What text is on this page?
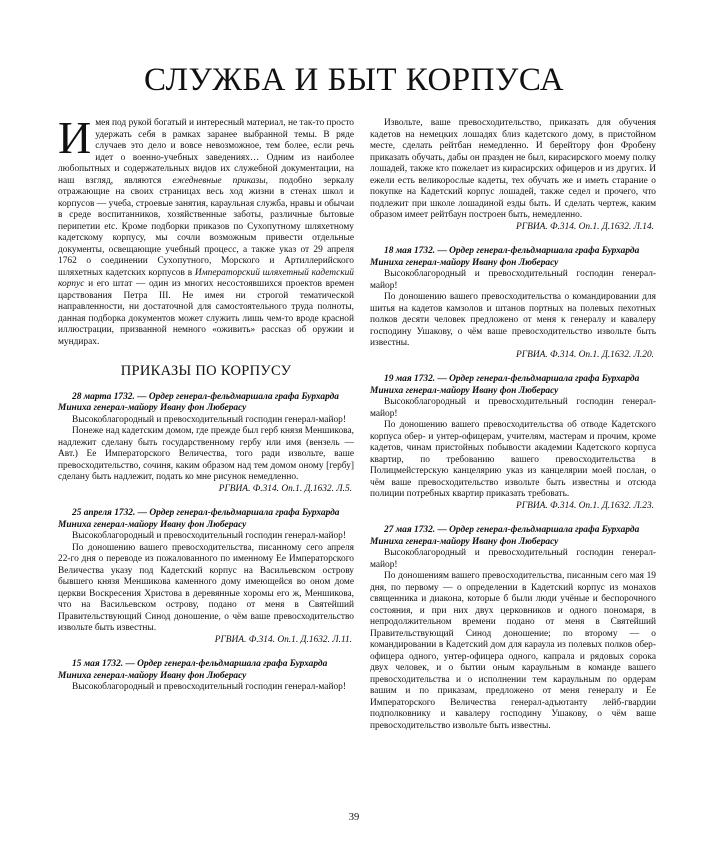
СЛУЖБА И БЫТ КОРПУСА

Имея под рукой богатый и интересный материал, не так-то просто удержать себя в рамках заранее выбранной темы. В ряде случаев это дело и вовсе невозможное, тем более, если речь идет о военно-учебных заведениях… Одним из наиболее любопытных и содержательных видов их служебной документации, на наш взгляд, являются ежедневные приказы, подобно зеркалу отражающие на своих страницах весь ход жизни в стенах школ и корпусов — учеба, строевые занятия, караульная служба, нравы и обычаи в среде воспитанников, хозяйственные заботы, различные бытовые перипетии etc. Кроме подборки приказов по Сухопутному шляхетному кадетскому корпусу, мы сочли возможным привести отдельные документы, освещающие учебный процесс, а также указ от 29 апреля 1762 о соединении Сухопутного, Морского и Артиллерийского шляхетных кадетских корпусов в Императорский шляхетный кадетский корпус и его штат — один из многих несостоявшихся проектов времен царствования Петра III. Не имея ни строгой тематической направленности, ни достаточной для самостоятельного труда полноты, данная подборка документов может служить лишь чем-то вроде красной иллюстрации, призванной немного «оживить» рассказ об оружии и мундирах.

ПРИКАЗЫ ПО КОРПУСУ

28 марта 1732. — Ордер генерал-фельдмаршала графа Бурхарда Миниха генерал-майору Ивану фон Люберасу

Высокоблагородный и превосходительный господин генерал-майор!

Понеже над кадетским домом, где прежде был герб князя Меншикова, надлежит сделану быть государственному гербу или имя (вензель — Авт.) Ее Императорского Величества, того ради извольте, ваше превосходительство, сочиня, каким образом над тем домом оному [гербу] сделану быть надлежит, подать ко мне рисунок немедленно.

РГВИА. Ф.314. Оп.1. Д.1632. Л.5.

25 апреля 1732. — Ордер генерал-фельдмаршала графа Бурхарда Миниха генерал-майору Ивану фон Люберасу

Высокоблагородный и превосходительный господин генерал-майор!

По доношению вашего превосходительства, писанному сего апреля 22-го дня о переводе из пожалованного по именному Ее Императорского Величества указу под Кадетский корпус на Васильевском острову бывшего князя Меншикова каменного дому имеющейся во оном доме церкви Воскресения Христова в деревянные хоромы его ж, Меншикова, что на Васильевском острову, подано от меня в Святейший Правительствующий Синод доношение, о чём ваше превосходительство извольте быть известны.

РГВИА. Ф.314. Оп.1. Д.1632. Л.11.

15 мая 1732. — Ордер генерал-фельдмаршала графа Бурхарда Миниха генерал-майору Ивану фон Люберасу

Высокоблагородный и превосходительный господин генерал-майор!

Извольте, ваше превосходительство, приказать для обучения кадетов на немецких лошадях близ кадетского дому, в пристойном месте, сделать рейтбан немедленно. И берейтору фон Фробену приказать обучать, дабы он празден не был, кирасирского моему полку лошадей, также кто пожелает из кирасирских офицеров и из других. И ежели есть великорослые кадеты, тех обучать же и иметь старание о покупке на Кадетский корпус лошадей, также седел и прочего, что подлежит при школе лошадиной езды быть. И сделать чертеж, каким образом имеет рейтбаун построен быть, немедленно.

РГВИА. Ф.314. Оп.1. Д.1632. Л.14.

18 мая 1732. — Ордер генерал-фельдмаршала графа Бурхарда Миниха генерал-майору Ивану фон Люберасу

Высокоблагородный и превосходительный господин генерал-майор!

По доношению вашего превосходительства о командировании для шитья на кадетов камзолов и штанов портных на полевых пехотных полков десяти человек предложено от меня к генералу и кавалеру господину Ушакову, о чём ваше превосходительство извольте быть известны.

РГВИА. Ф.314. Оп.1. Д.1632. Л.20.

19 мая 1732. — Ордер генерал-фельдмаршала графа Бурхарда Миниха генерал-майору Ивану фон Люберасу

Высокоблагородный и превосходительный господин генерал-майор!

По доношению вашего превосходительства об отводе Кадетского корпуса обер- и унтер-офицерам, учителям, мастерам и прочим, кроме кадетов, чинам пристойных побывости академии Кадетского корпуса квартир, по требованию вашего превосходительства в Полицмейстерскую канцелярию указ из канцелярии моей послан, о чём ваше превосходительство извольте быть известны и отсюда полиции потребных квартир приказать требовать.

РГВИА. Ф.314. Оп.1. Д.1632. Л.23.

27 мая 1732. — Ордер генерал-фельдмаршала графа Бурхарда Миниха генерал-майору Ивану фон Люберасу

Высокоблагородный и превосходительный господин генерал-майор!

По доношениям вашего превосходительства, писанным сего мая 19 дня, по первому — о определении в Кадетский корпус из монахов священника и диакона, которые б были люди учёные и беспорочного состояния, и при них двух церковников и одного пономаря, в непродолжительном времени подано от меня в Святейший Правительствующий Синод доношение; по второму — о командировании в Кадетский дом для караула из полевых полков обер-офицера одного, унтер-офицера одного, капрала и рядовых сорока двух человек, и о бытии оным караульным в команде вашего превосходительства и о исполнении тем караульным по ордерам вашим и по приказам, предложено от меня генералу и Ее Императорского Величества генерал-адъютанту лейб-гвардии подполковнику и кавалеру господину Ушакову, о чём ваше превосходительство извольте быть известны.

39
